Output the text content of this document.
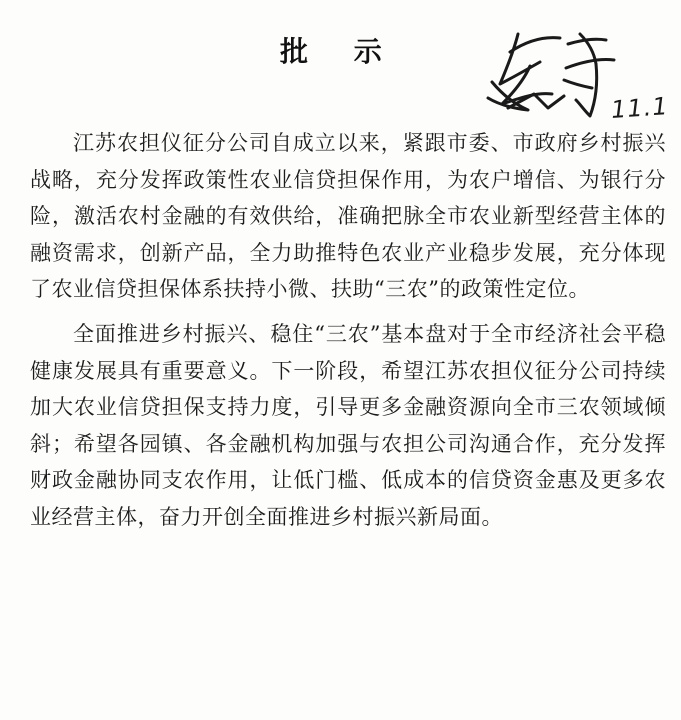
批 示
11.1

江苏农担仪征分公司自成立以来，紧跟市委、市政府乡村振兴战略，充分发挥政策性农业信贷担保作用，为农户增信、为银行分险，激活农村金融的有效供给，准确把脉全市农业新型经营主体的融资需求，创新产品，全力助推特色农业产业稳步发展，充分体现了农业信贷担保体系扶持小微、扶助“三农”的政策性定位。

全面推进乡村振兴、稳住“三农”基本盘对于全市经济社会平稳健康发展具有重要意义。下一阶段，希望江苏农担仪征分公司持续加大农业信贷担保支持力度，引导更多金融资源向全市三农领域倾斜；希望各园镇、各金融机构加强与农担公司沟通合作，充分发挥财政金融协同支农作用，让低门槛、低成本的信贷资金惠及更多农业经营主体，奋力开创全面推进乡村振兴新局面。
